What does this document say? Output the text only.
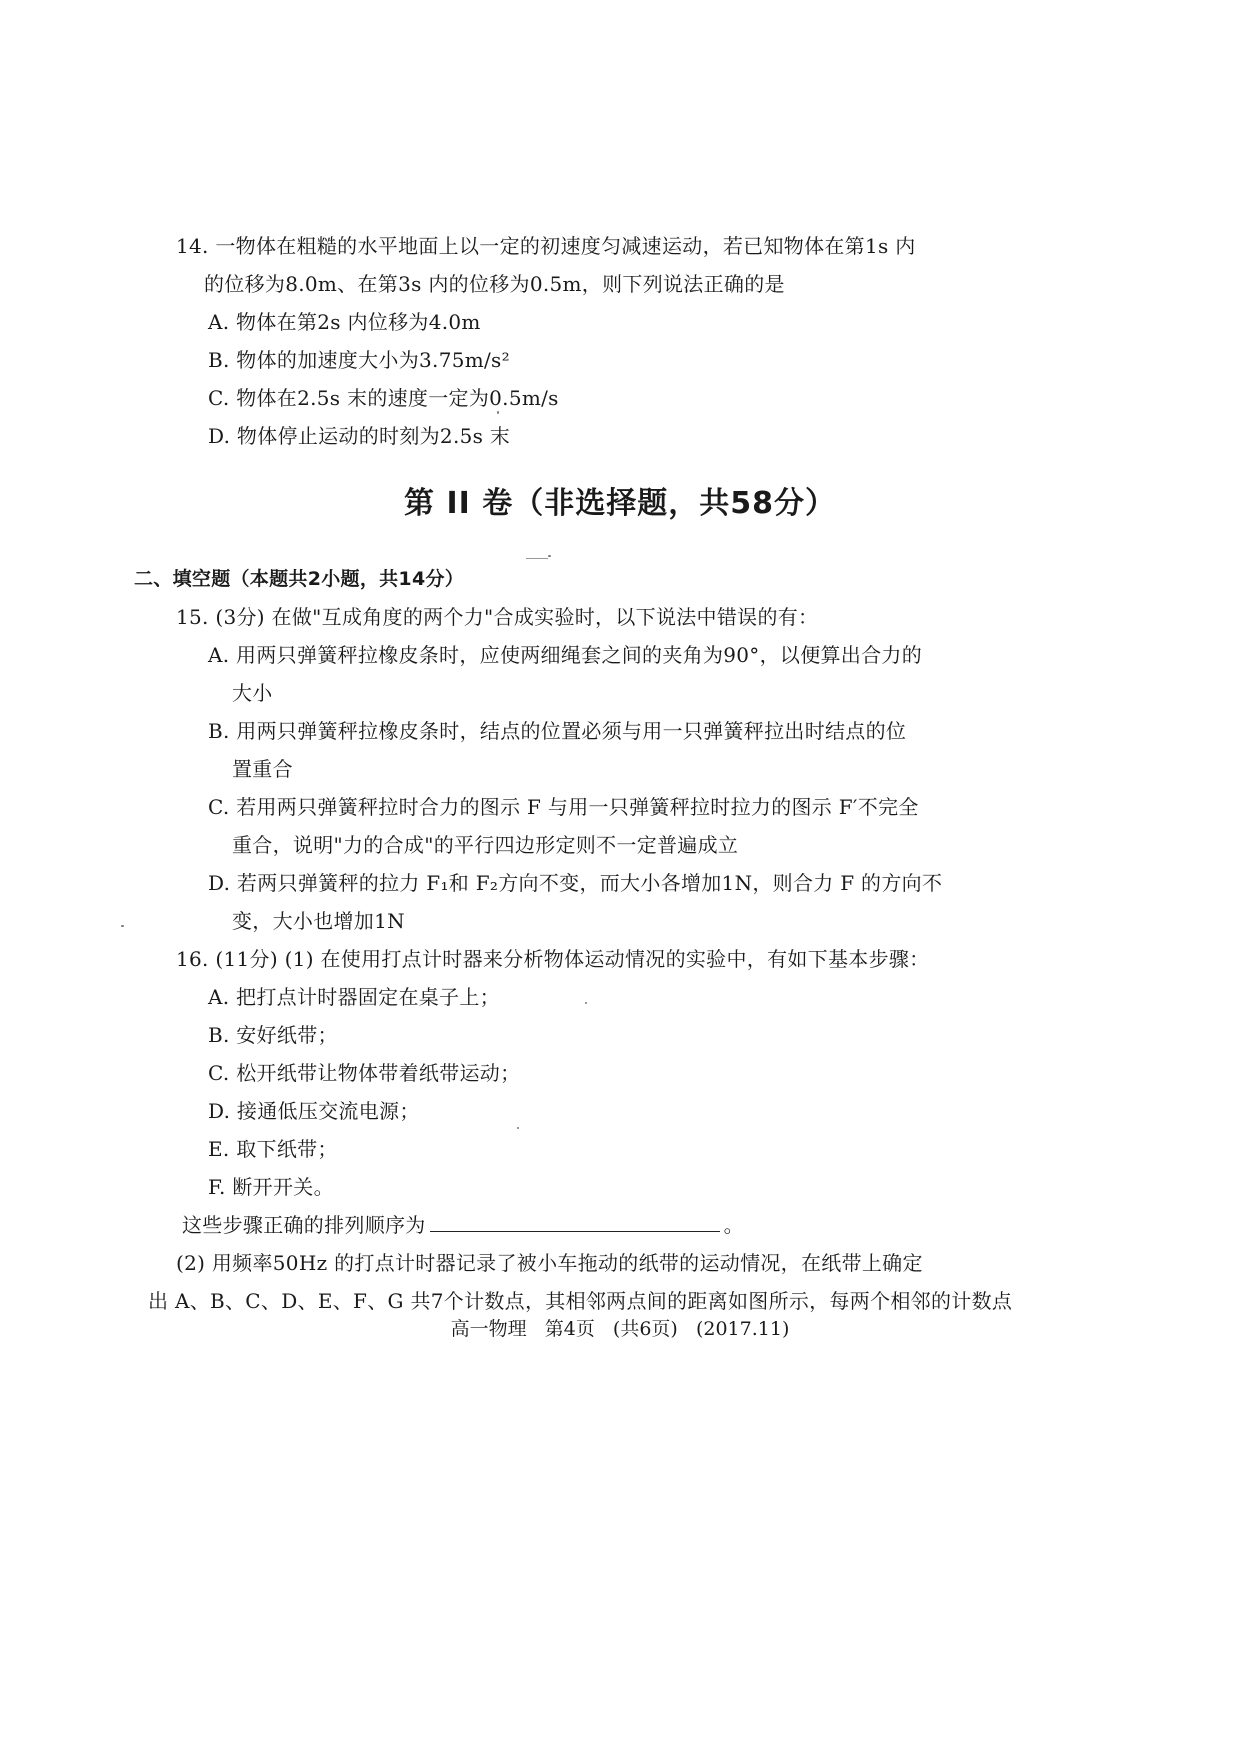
14. 一物体在粗糙的水平地面上以一定的初速度匀减速运动，若已知物体在第1s 内
的位移为8.0m、在第3s 内的位移为0.5m，则下列说法正确的是
A. 物体在第2s 内位移为4.0m
B. 物体的加速度大小为3.75m/s²
C. 物体在2.5s 末的速度一定为0.5m/s
D. 物体停止运动的时刻为2.5s 末
第 II 卷（非选择题，共58分）
二、填空题（本题共2小题，共14分）
15. (3分) 在做"互成角度的两个力"合成实验时，以下说法中错误的有：
A. 用两只弹簧秤拉橡皮条时，应使两细绳套之间的夹角为90°，以便算出合力的
大小
B. 用两只弹簧秤拉橡皮条时，结点的位置必须与用一只弹簧秤拉出时结点的位
置重合
C. 若用两只弹簧秤拉时合力的图示 F 与用一只弹簧秤拉时拉力的图示 F′不完全
重合，说明"力的合成"的平行四边形定则不一定普遍成立
D. 若两只弹簧秤的拉力 F₁和 F₂方向不变，而大小各增加1N，则合力 F 的方向不
变，大小也增加1N
16. (11分) (1) 在使用打点计时器来分析物体运动情况的实验中，有如下基本步骤：
A. 把打点计时器固定在桌子上；
B. 安好纸带；
C. 松开纸带让物体带着纸带运动；
D. 接通低压交流电源；
E. 取下纸带；
F. 断开开关。
这些步骤正确的排列顺序为	。
(2) 用频率50Hz 的打点计时器记录了被小车拖动的纸带的运动情况，在纸带上确定
出 A、B、C、D、E、F、G 共7个计数点，其相邻两点间的距离如图所示，每两个相邻的计数点
高一物理   第4页   (共6页)   (2017.11)
